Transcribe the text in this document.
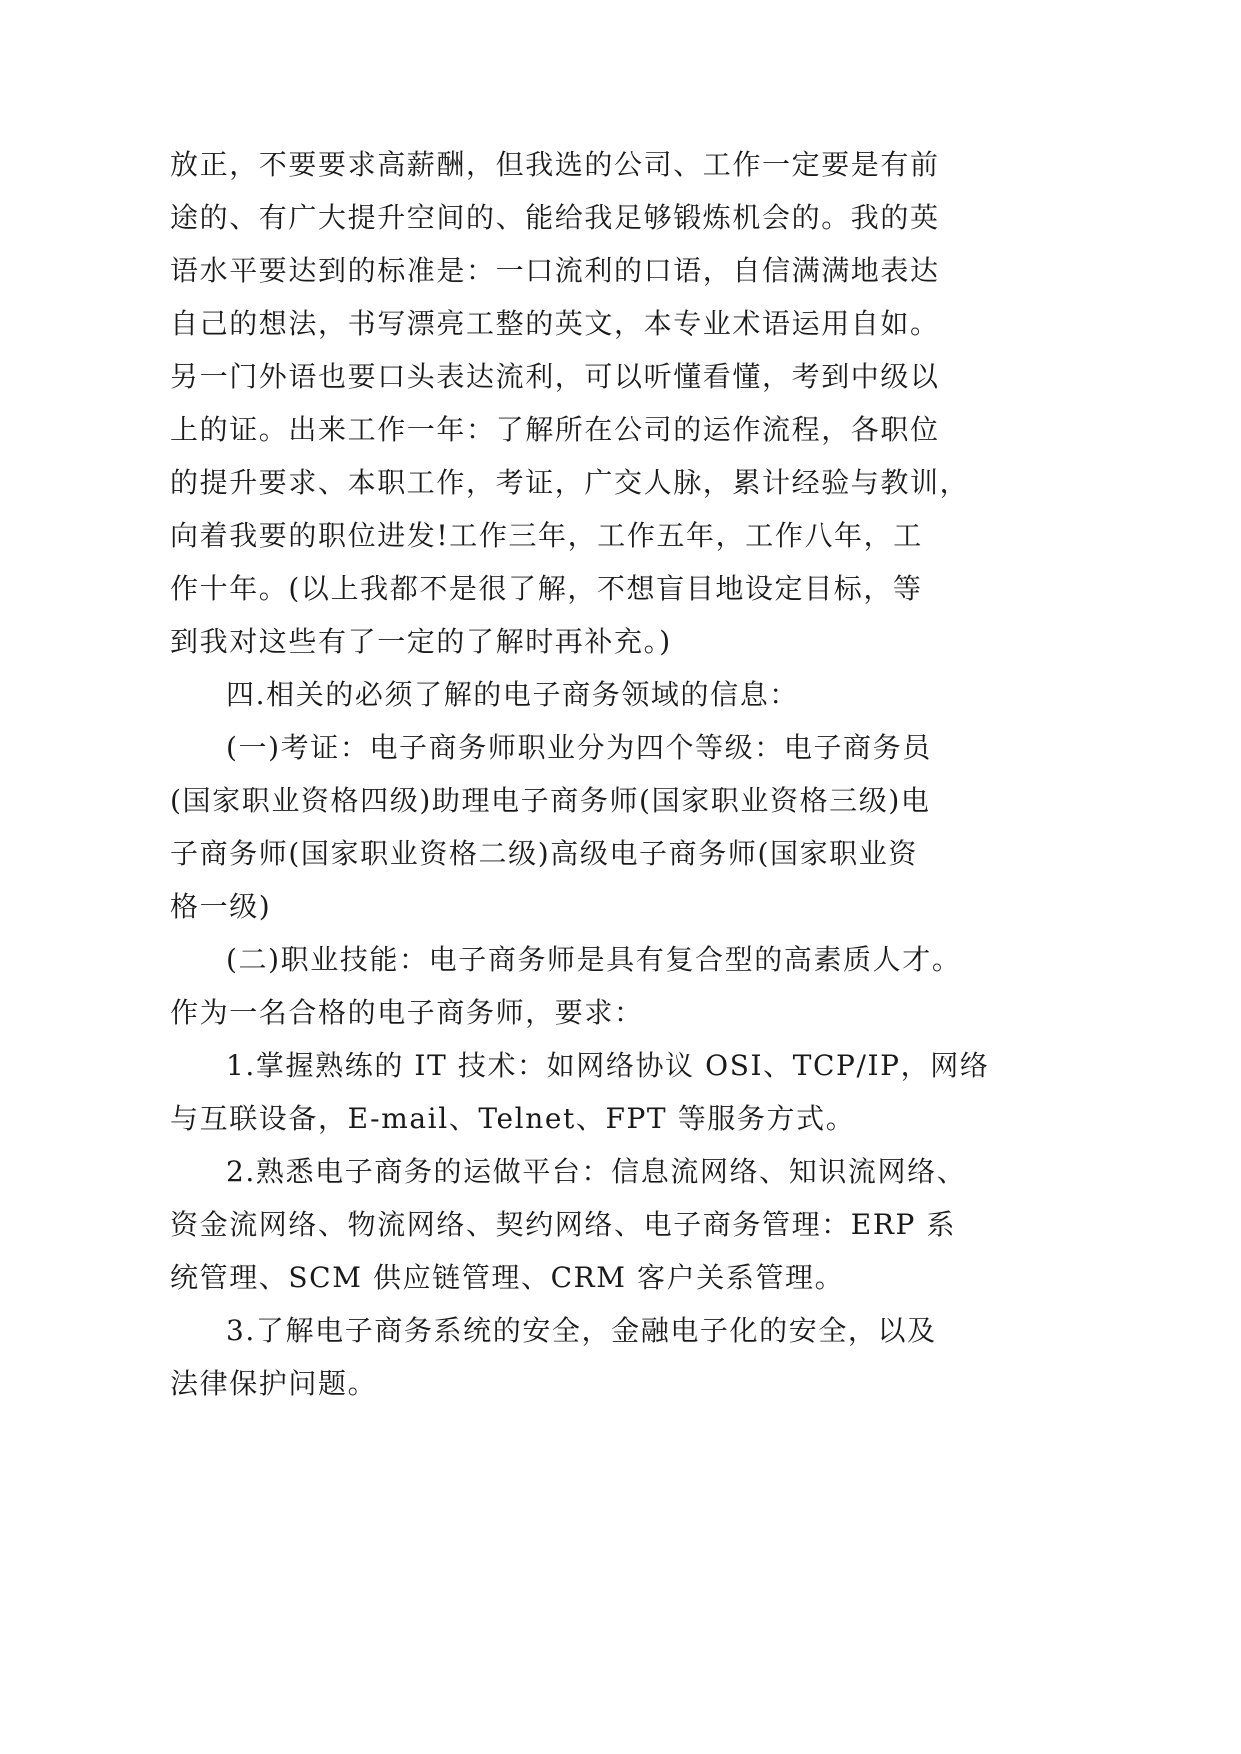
放正，不要要求高薪酬，但我选的公司、工作一定要是有前
途的、有广大提升空间的、能给我足够锻炼机会的。我的英
语水平要达到的标准是：一口流利的口语，自信满满地表达
自己的想法，书写漂亮工整的英文，本专业术语运用自如。
另一门外语也要口头表达流利，可以听懂看懂，考到中级以
上的证。出来工作一年：了解所在公司的运作流程，各职位
的提升要求、本职工作，考证，广交人脉，累计经验与教训，
向着我要的职位进发!工作三年，工作五年，工作八年，工
作十年。(以上我都不是很了解，不想盲目地设定目标，等
到我对这些有了一定的了解时再补充。)
四.相关的必须了解的电子商务领域的信息：
(一)考证：电子商务师职业分为四个等级：电子商务员
(国家职业资格四级)助理电子商务师(国家职业资格三级)电
子商务师(国家职业资格二级)高级电子商务师(国家职业资
格一级)
(二)职业技能：电子商务师是具有复合型的高素质人才。
作为一名合格的电子商务师，要求：
1.掌握熟练的 IT 技术：如网络协议 OSI、TCP/IP，网络
与互联设备，E-mail、Telnet、FPT 等服务方式。
2.熟悉电子商务的运做平台：信息流网络、知识流网络、
资金流网络、物流网络、契约网络、电子商务管理：ERP 系
统管理、SCM 供应链管理、CRM 客户关系管理。
3.了解电子商务系统的安全，金融电子化的安全，以及
法律保护问题。
